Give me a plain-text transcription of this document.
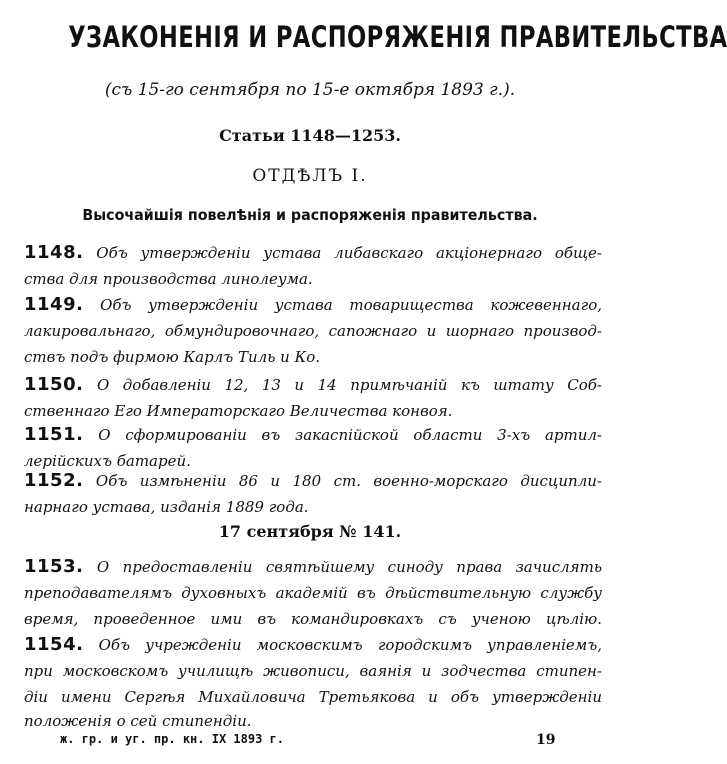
УЗАКОНЕНІЯ И РАСПОРЯЖЕНІЯ ПРАВИТЕЛЬСТВА
(съ 15-го сентября по 15-е октября 1893 г.).
Статьи 1148—1253.
ОТДѢЛЪ I.
Высочайшія повелѣнія и распоряженія правительства.
1148. Объ утвержденіи устава либавскаго акціонернаго обще-
ства для производства линолеума.
1149. Объ утвержденіи устава товарищества кожевеннаго,
лакировальнаго, обмундировочнаго, сапожнаго и шорнаго производ-
ствъ подъ фирмою Карлъ Тиль и Ко.
1150. О добавленіи 12, 13 и 14 примѣчаній къ штату Соб-
ственнаго Его Императорскаго Величества конвоя.
1151. О сформированіи въ закаспійской области 3-хъ артил-
лерійскихъ батарей.
1152. Объ измѣненіи 86 и 180 ст. военно-морскаго дисципли-
нарнаго устава, изданія 1889 года.
17 сентября № 141.
1153. О предоставленіи святѣйшему синоду права зачислять
преподавателямъ духовныхъ академій въ дѣйствительную службу
время, проведенное ими въ командировкахъ съ ученою цѣлію.
1154. Объ учрежденіи московскимъ городскимъ управленіемъ,
при московскомъ училищѣ живописи, ваянія и зодчества стипен-
діи имени Сергѣя Михайловича Третьякова и объ утвержденіи
положенія о сей стипендіи.
ж. гр. и уг. пр. кн. IX 1893 г.	19
